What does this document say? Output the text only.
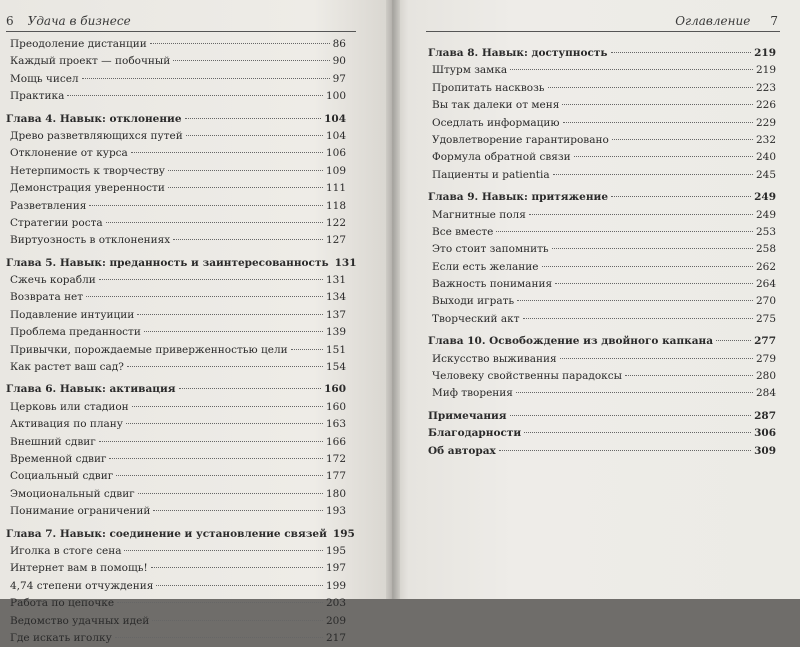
6 Удача в бизнесе
Преодоление дистанции	86
Каждый проект — побочный	90
Мощь чисел	97
Практика	100
Глава 4. Навык: отклонение	104
Древо разветвляющихся путей	104
Отклонение от курса	106
Нетерпимость к творчеству	109
Демонстрация уверенности	111
Разветвления	118
Стратегии роста	122
Виртуозность в отклонениях	127
Глава 5. Навык: преданность и заинтересованность 131
Сжечь корабли	131
Возврата нет	134
Подавление интуиции	137
Проблема преданности	139
Привычки, порождаемые приверженностью цели	151
Как растет ваш сад?	154
Глава 6. Навык: активация	160
Церковь или стадион	160
Активация по плану	163
Внешний сдвиг	166
Временной сдвиг	172
Социальный сдвиг	177
Эмоциональный сдвиг	180
Понимание ограничений	193
Глава 7. Навык: соединение и установление связей 195
Иголка в стоге сена	195
Интернет вам в помощь!	197
4,74 степени отчуждения	199
Работа по цепочке	203
Ведомство удачных идей	209
Где искать иголку	217
Оглавление 7
Глава 8. Навык: доступность	219
Штурм замка	219
Пропитать насквозь	223
Вы так далеки от меня	226
Оседлать информацию	229
Удовлетворение гарантировано	232
Формула обратной связи	240
Пациенты и patientia	245
Глава 9. Навык: притяжение	249
Магнитные поля	249
Все вместе	253
Это стоит запомнить	258
Если есть желание	262
Важность понимания	264
Выходи играть	270
Творческий акт	275
Глава 10. Освобождение из двойного капкана	277
Искусство выживания	279
Человеку свойственны парадоксы	280
Миф творения	284
Примечания	287
Благодарности	306
Об авторах	309
